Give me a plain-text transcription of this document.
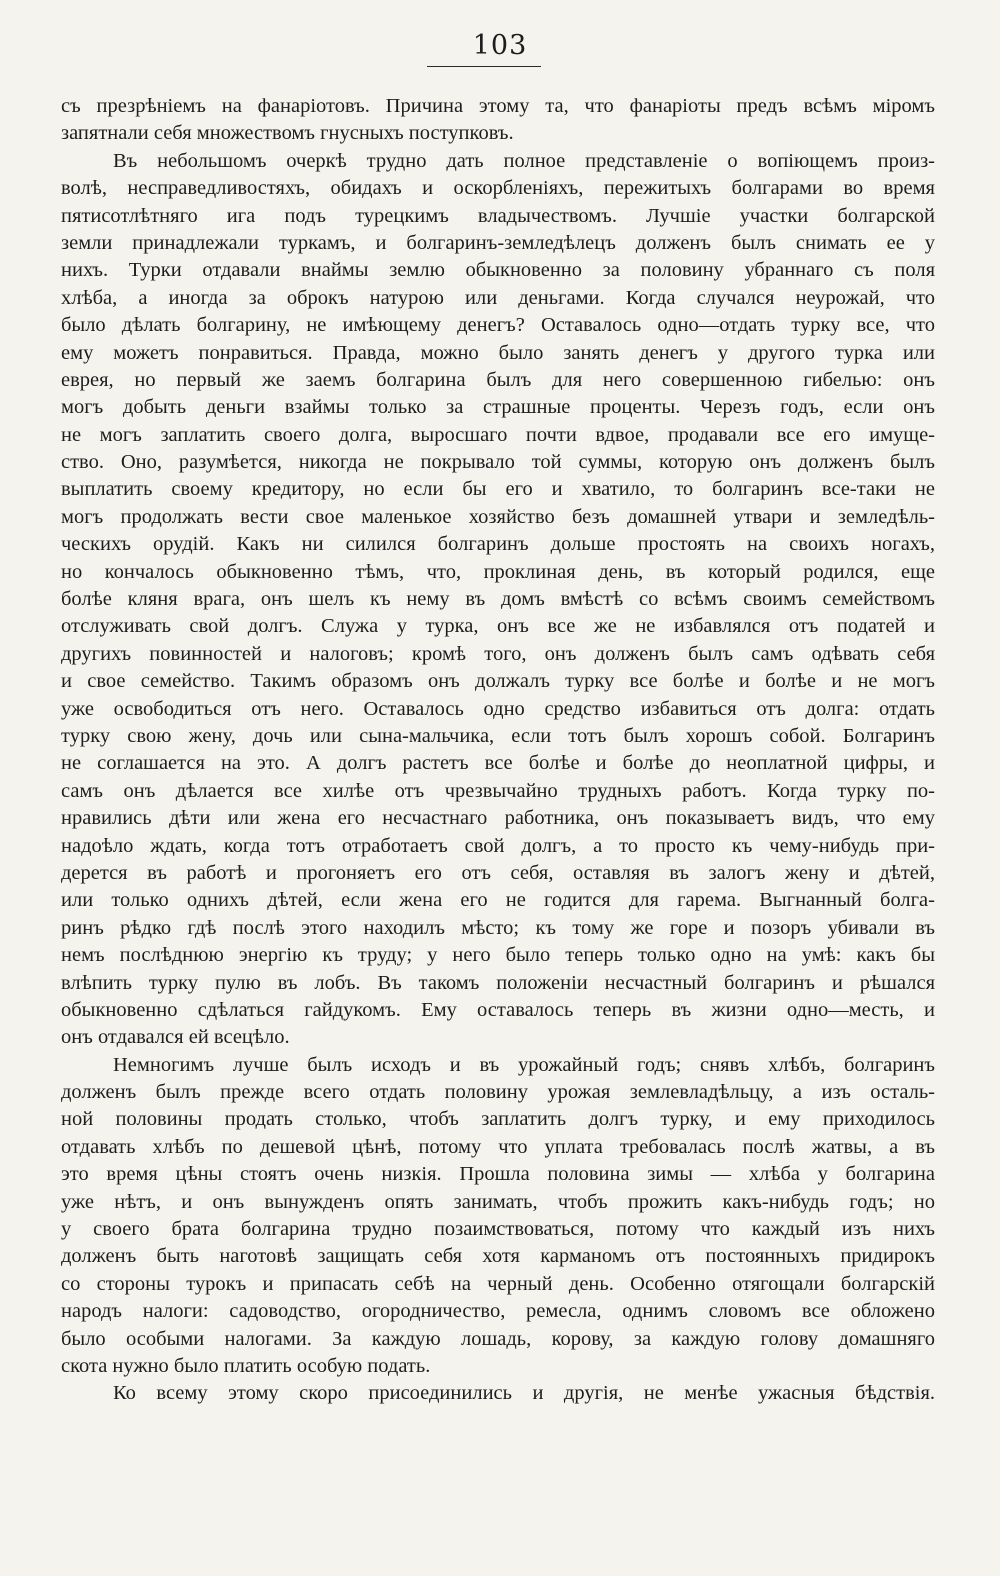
103
съ презрѣніемъ на фанаріотовъ. Причина этому та, что фанаріоты предъ всѣмъ міромъ
запятнали себя множествомъ гнусныхъ поступковъ.
Въ небольшомъ очеркѣ трудно дать полное представленіе о вопіющемъ произ-
волѣ, несправедливостяхъ, обидахъ и оскорбленіяхъ, пережитыхъ болгарами во время
пятисотлѣтняго ига подъ турецкимъ владычествомъ. Лучшіе участки болгарской
земли принадлежали туркамъ, и болгаринъ-земледѣлецъ долженъ былъ снимать ее у
нихъ. Турки отдавали внаймы землю обыкновенно за половину убраннаго съ поля
хлѣба, а иногда за оброкъ натурою или деньгами. Когда случался неурожай, что
было дѣлать болгарину, не имѣющему денегъ? Оставалось одно—отдать турку все, что
ему можетъ понравиться. Правда, можно было занять денегъ у другого турка или
еврея, но первый же заемъ болгарина былъ для него совершенною гибелью: онъ
могъ добыть деньги взаймы только за страшные проценты. Черезъ годъ, если онъ
не могъ заплатить своего долга, выросшаго почти вдвое, продавали все его имуще-
ство. Оно, разумѣется, никогда не покрывало той суммы, которую онъ долженъ былъ
выплатить своему кредитору, но если бы его и хватило, то болгаринъ все-таки не
могъ продолжать вести свое маленькое хозяйство безъ домашней утвари и земледѣль-
ческихъ орудій. Какъ ни силился болгаринъ дольше простоять на своихъ ногахъ,
но кончалось обыкновенно тѣмъ, что, проклиная день, въ который родился, еще
болѣе кляня врага, онъ шелъ къ нему въ домъ вмѣстѣ со всѣмъ своимъ семействомъ
отслуживать свой долгъ. Служа у турка, онъ все же не избавлялся отъ податей и
другихъ повинностей и налоговъ; кромѣ того, онъ долженъ былъ самъ одѣвать себя
и свое семейство. Такимъ образомъ онъ должалъ турку все болѣе и болѣе и не могъ
уже освободиться отъ него. Оставалось одно средство избавиться отъ долга: отдать
турку свою жену, дочь или сына-мальчика, если тотъ былъ хорошъ собой. Болгаринъ
не соглашается на это. А долгъ растетъ все болѣе и болѣе до неоплатной цифры, и
самъ онъ дѣлается все хилѣе отъ чрезвычайно трудныхъ работъ. Когда турку по-
нравились дѣти или жена его несчастнаго работника, онъ показываетъ видъ, что ему
надоѣло ждать, когда тотъ отработаетъ свой долгъ, а то просто къ чему-нибудь при-
дерется въ работѣ и прогоняетъ его отъ себя, оставляя въ залогъ жену и дѣтей,
или только однихъ дѣтей, если жена его не годится для гарема. Выгнанный болга-
ринъ рѣдко гдѣ послѣ этого находилъ мѣсто; къ тому же горе и позоръ убивали въ
немъ послѣднюю энергію къ труду; у него было теперь только одно на умѣ: какъ бы
влѣпить турку пулю въ лобъ. Въ такомъ положеніи несчастный болгаринъ и рѣшался
обыкновенно сдѣлаться гайдукомъ. Ему оставалось теперь въ жизни одно—месть, и
онъ отдавался ей всецѣло.
Немногимъ лучше былъ исходъ и въ урожайный годъ; снявъ хлѣбъ, болгаринъ
долженъ былъ прежде всего отдать половину урожая землевладѣльцу, а изъ осталь-
ной половины продать столько, чтобъ заплатить долгъ турку, и ему приходилось
отдавать хлѣбъ по дешевой цѣнѣ, потому что уплата требовалась послѣ жатвы, а въ
это время цѣны стоятъ очень низкія. Прошла половина зимы — хлѣба у болгарина
уже нѣтъ, и онъ вынужденъ опять занимать, чтобъ прожить какъ-нибудь годъ; но
у своего брата болгарина трудно позаимствоваться, потому что каждый изъ нихъ
долженъ быть наготовѣ защищать себя хотя карманомъ отъ постоянныхъ придирокъ
со стороны турокъ и припасать себѣ на черный день. Особенно отягощали болгарскій
народъ налоги: садоводство, огородничество, ремесла, однимъ словомъ все обложено
было особыми налогами. За каждую лошадь, корову, за каждую голову домашняго
скота нужно было платить особую подать.
Ко всему этому скоро присоединились и другія, не менѣе ужасныя бѣдствія.
